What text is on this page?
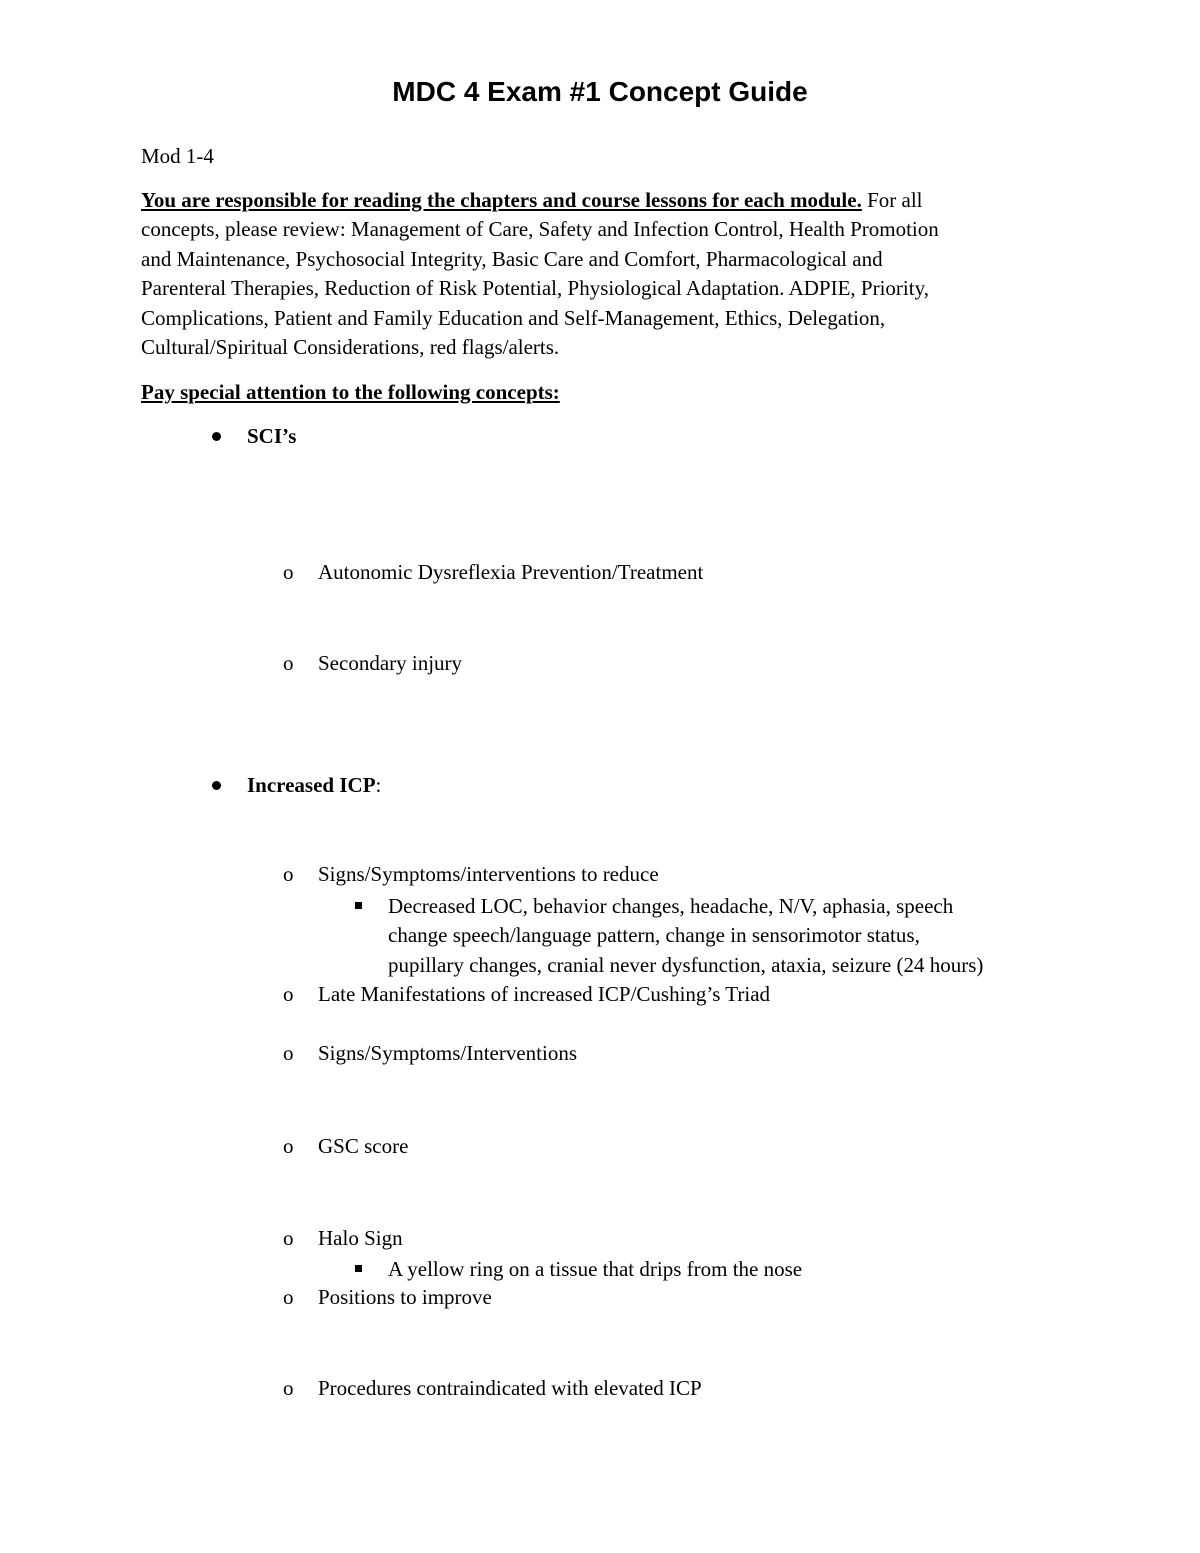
MDC 4 Exam #1 Concept Guide
Mod 1-4
You are responsible for reading the chapters and course lessons for each module. For all
concepts, please review: Management of Care, Safety and Infection Control, Health Promotion
and Maintenance, Psychosocial Integrity, Basic Care and Comfort, Pharmacological and
Parenteral Therapies, Reduction of Risk Potential, Physiological Adaptation. ADPIE, Priority,
Complications, Patient and Family Education and Self-Management, Ethics, Delegation,
Cultural/Spiritual Considerations, red flags/alerts.
Pay special attention to the following concepts:
SCI’s
o Autonomic Dysreflexia Prevention/Treatment
o Secondary injury
Increased ICP:
o Signs/Symptoms/interventions to reduce
Decreased LOC, behavior changes, headache, N/V, aphasia, speech
change speech/language pattern, change in sensorimotor status,
pupillary changes, cranial never dysfunction, ataxia, seizure (24 hours)
o Late Manifestations of increased ICP/Cushing’s Triad
o Signs/Symptoms/Interventions
o GSC score
o Halo Sign
A yellow ring on a tissue that drips from the nose
o Positions to improve
o Procedures contraindicated with elevated ICP
